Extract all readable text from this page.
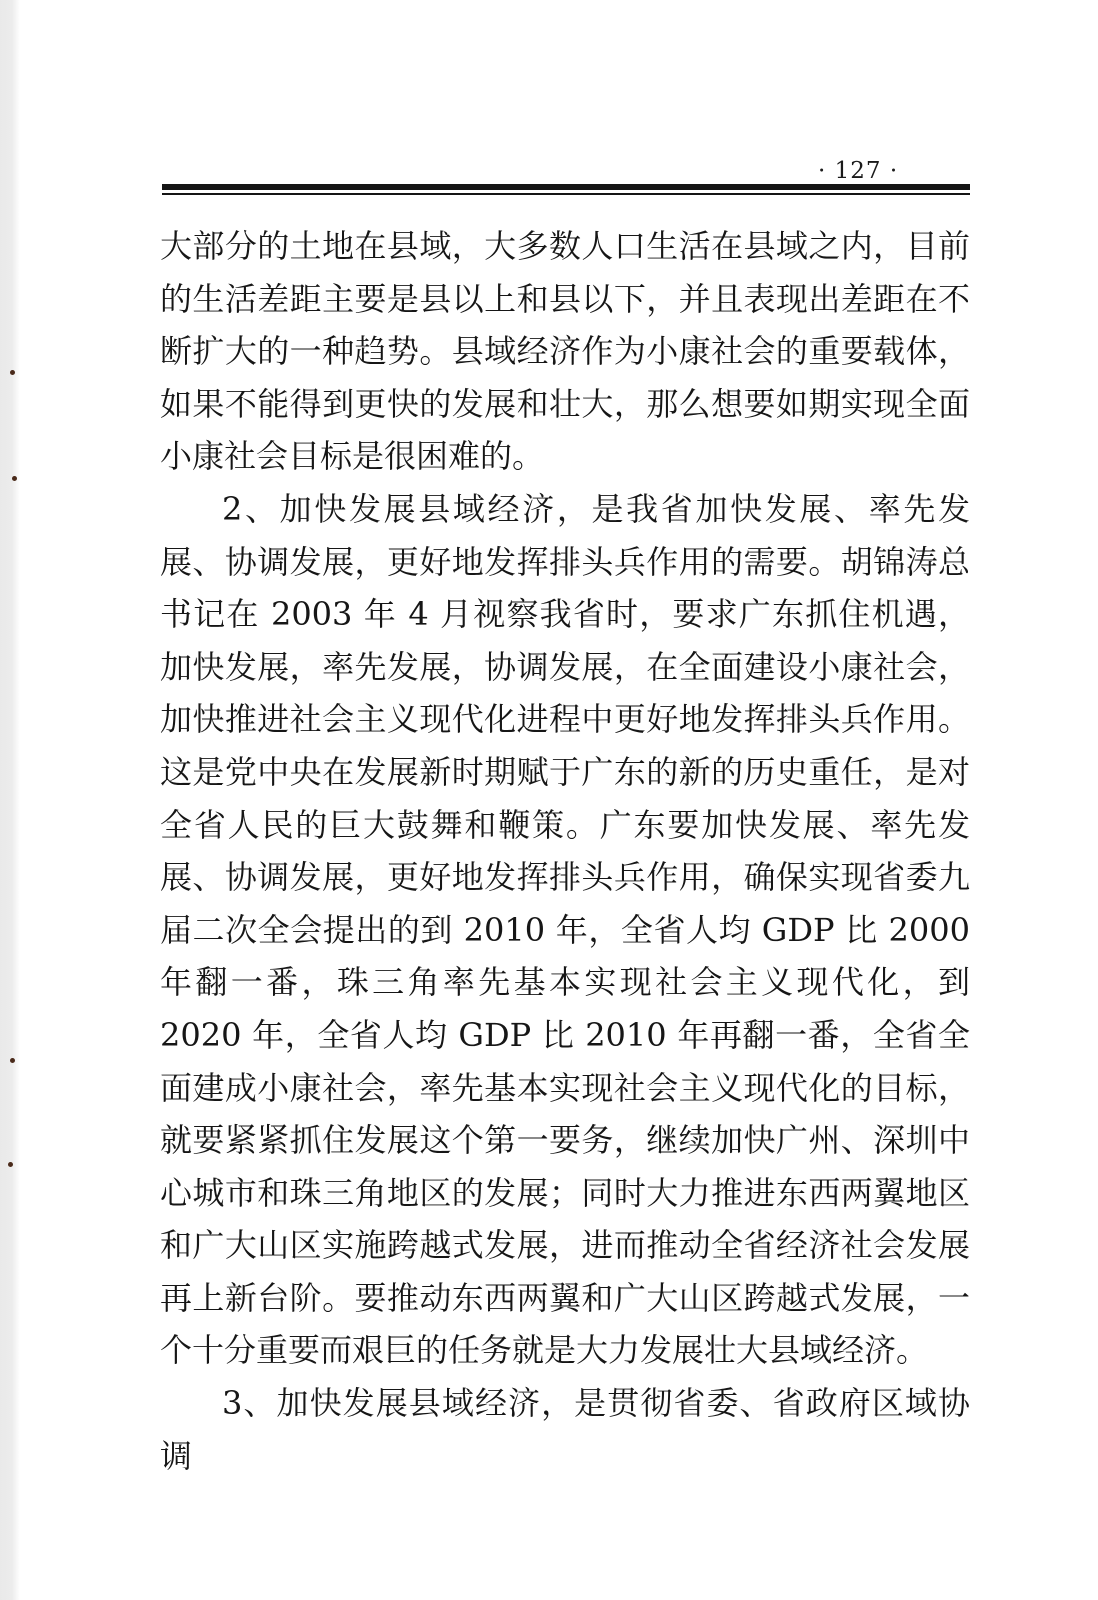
· 127 ·

大部分的土地在县域，大多数人口生活在县域之内，目前的生活差距主要是县以上和县以下，并且表现出差距在不断扩大的一种趋势。县域经济作为小康社会的重要载体，如果不能得到更快的发展和壮大，那么想要如期实现全面小康社会目标是很困难的。

2、加快发展县域经济，是我省加快发展、率先发展、协调发展，更好地发挥排头兵作用的需要。胡锦涛总书记在 2003 年 4 月视察我省时，要求广东抓住机遇，加快发展，率先发展，协调发展，在全面建设小康社会，加快推进社会主义现代化进程中更好地发挥排头兵作用。这是党中央在发展新时期赋于广东的新的历史重任，是对全省人民的巨大鼓舞和鞭策。广东要加快发展、率先发展、协调发展，更好地发挥排头兵作用，确保实现省委九届二次全会提出的到 2010 年，全省人均 GDP 比 2000 年翻一番，珠三角率先基本实现社会主义现代化，到 2020 年，全省人均 GDP 比 2010 年再翻一番，全省全面建成小康社会，率先基本实现社会主义现代化的目标，就要紧紧抓住发展这个第一要务，继续加快广州、深圳中心城市和珠三角地区的发展；同时大力推进东西两翼地区和广大山区实施跨越式发展，进而推动全省经济社会发展再上新台阶。要推动东西两翼和广大山区跨越式发展，一个十分重要而艰巨的任务就是大力发展壮大县域经济。

3、加快发展县域经济，是贯彻省委、省政府区域协调
